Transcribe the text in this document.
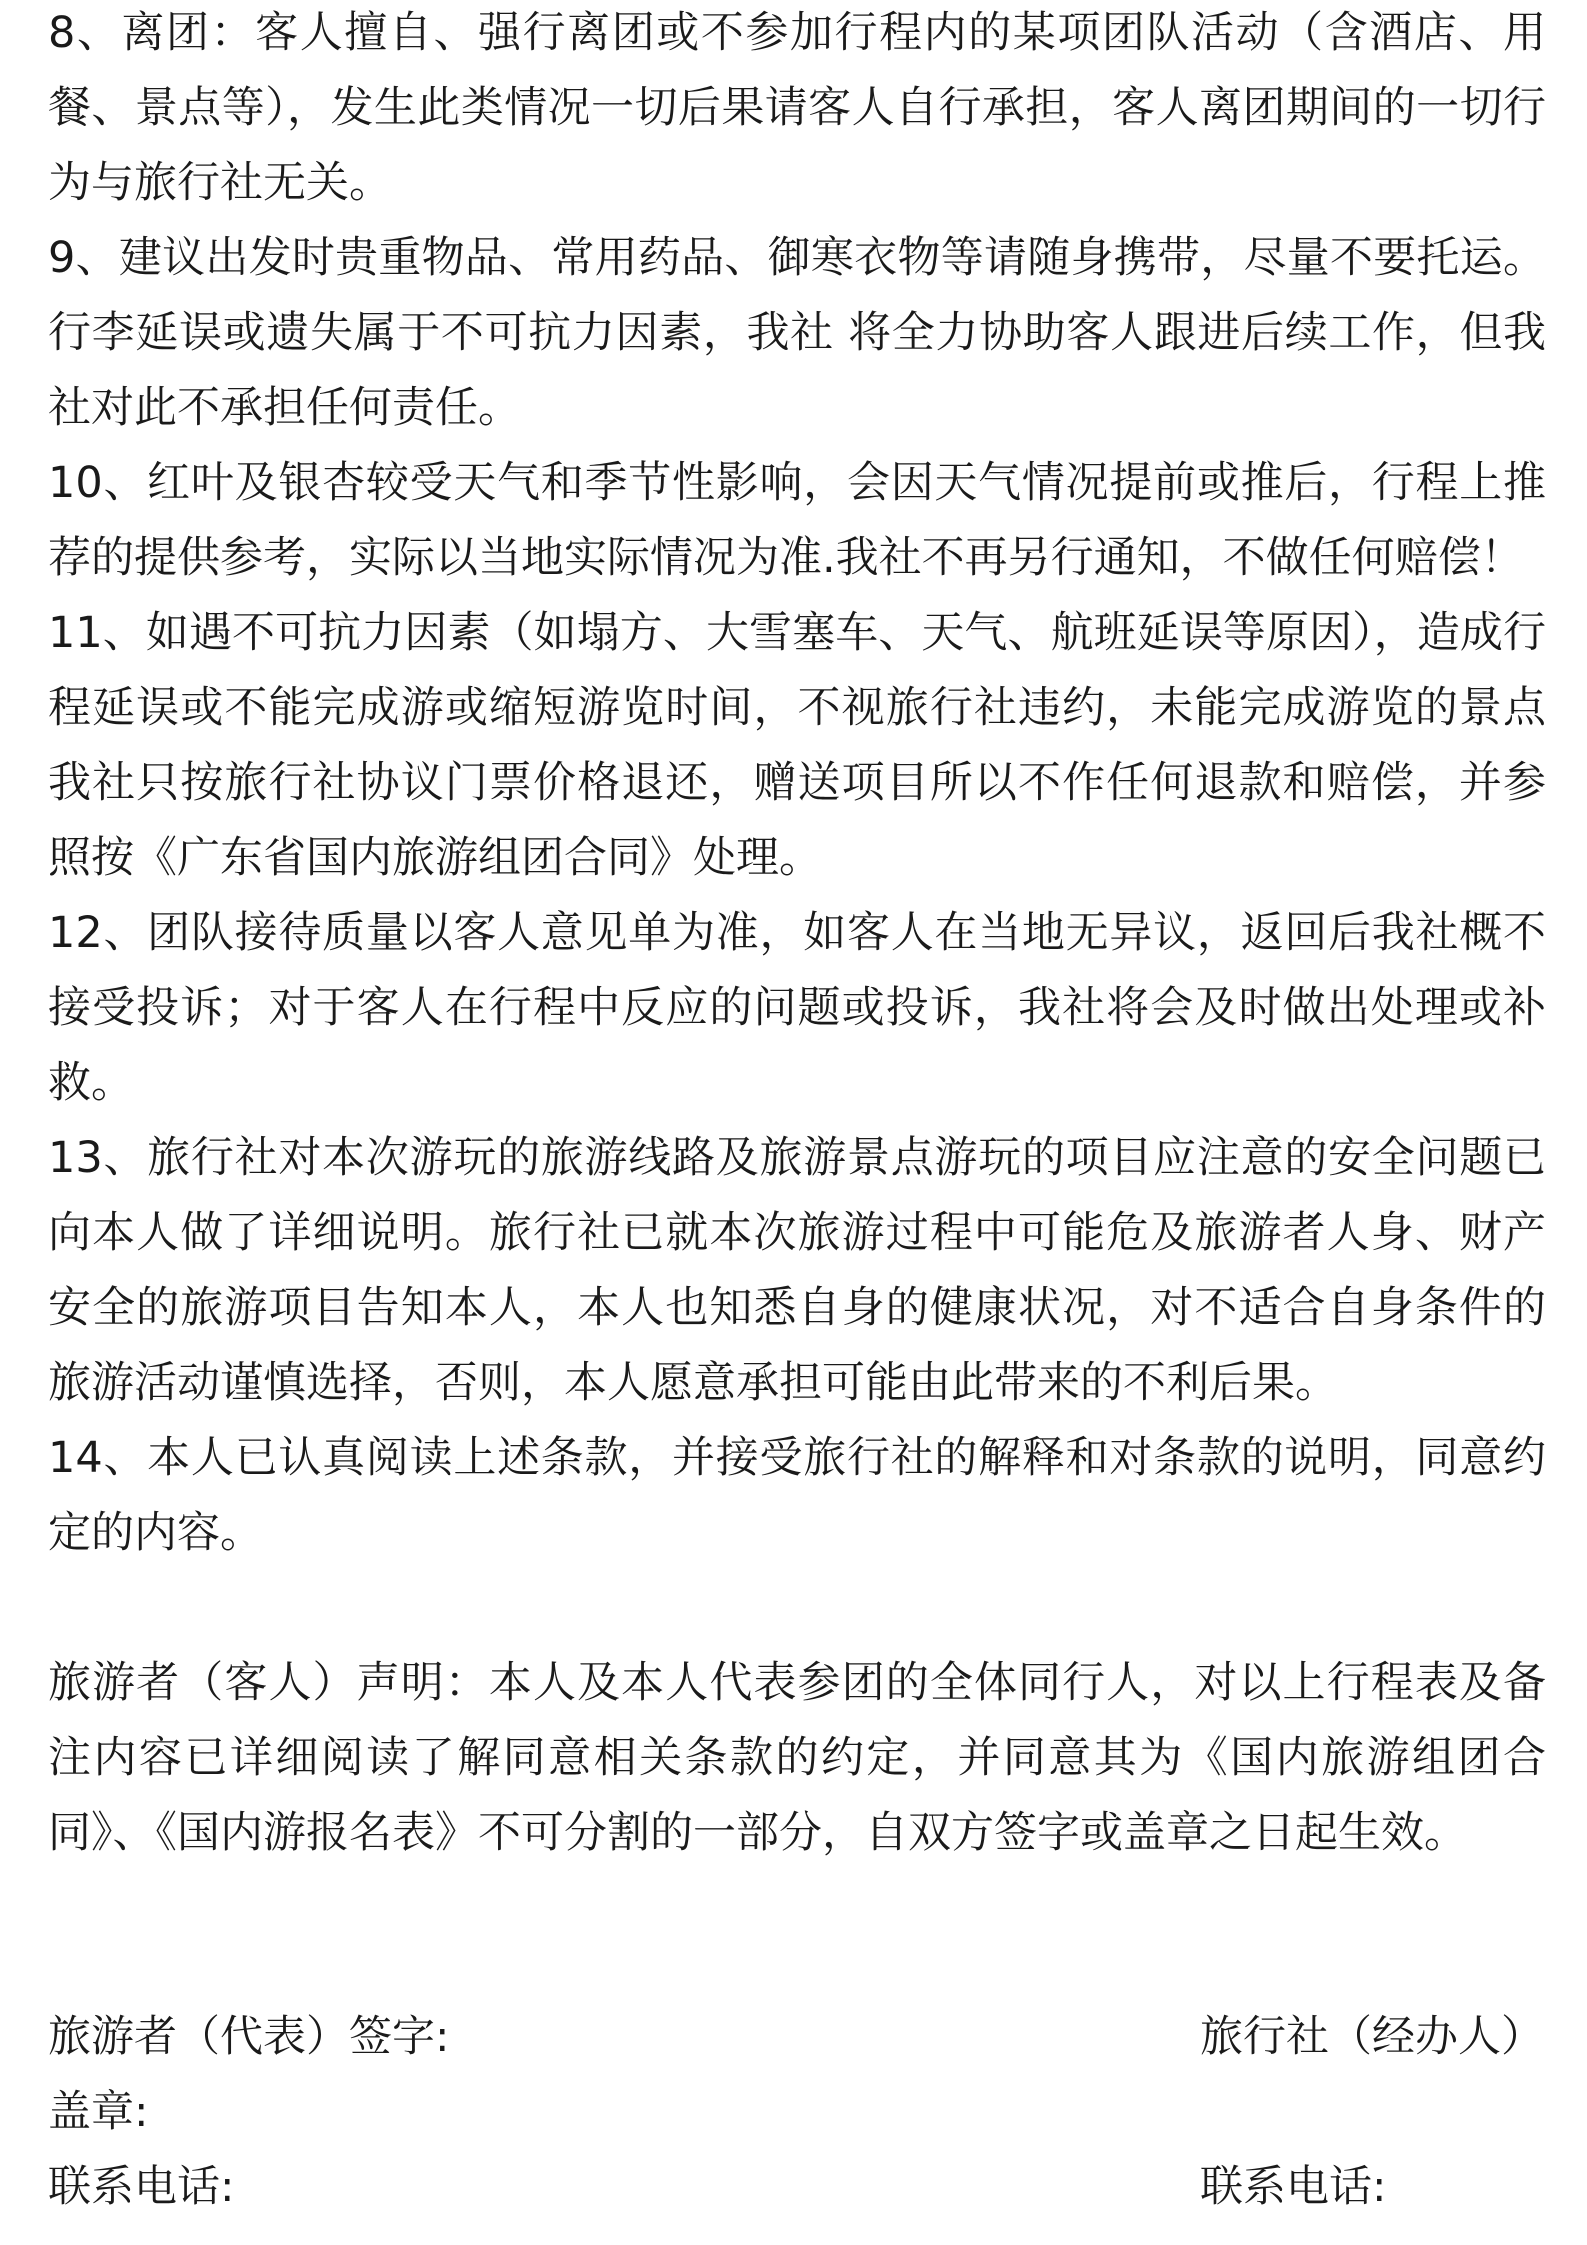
8、离团：客人擅自、强行离团或不参加行程内的某项团队活动（含酒店、用餐、景点等），发生此类情况一切后果请客人自行承担，客人离团期间的一切行为与旅行社无关。

9、建议出发时贵重物品、常用药品、御寒衣物等请随身携带，尽量不要托运。行李延误或遗失属于不可抗力因素，我社 将全力协助客人跟进后续工作，但我社对此不承担任何责任。

10、红叶及银杏较受天气和季节性影响，会因天气情况提前或推后，行程上推荐的提供参考，实际以当地实际情况为准.我社不再另行通知，不做任何赔偿！

11、如遇不可抗力因素（如塌方、大雪塞车、天气、航班延误等原因），造成行程延误或不能完成游或缩短游览时间，不视旅行社违约，未能完成游览的景点我社只按旅行社协议门票价格退还，赠送项目所以不作任何退款和赔偿，并参照按《广东省国内旅游组团合同》处理。

12、团队接待质量以客人意见单为准，如客人在当地无异议，返回后我社概不接受投诉；对于客人在行程中反应的问题或投诉，我社将会及时做出处理或补救。

13、旅行社对本次游玩的旅游线路及旅游景点游玩的项目应注意的安全问题已向本人做了详细说明。旅行社已就本次旅游过程中可能危及旅游者人身、财产安全的旅游项目告知本人，本人也知悉自身的健康状况，对不适合自身条件的旅游活动谨慎选择，否则，本人愿意承担可能由此带来的不利后果。

14、本人已认真阅读上述条款，并接受旅行社的解释和对条款的说明，同意约定的内容。

旅游者（客人）声明：本人及本人代表参团的全体同行人，对以上行程表及备注内容已详细阅读了解同意相关条款的约定，并同意其为《国内旅游组团合同》、《国内游报名表》不可分割的一部分，自双方签字或盖章之日起生效。

旅游者（代表）签字:	旅行社（经办人）
盖章:
联系电话:	联系电话:
